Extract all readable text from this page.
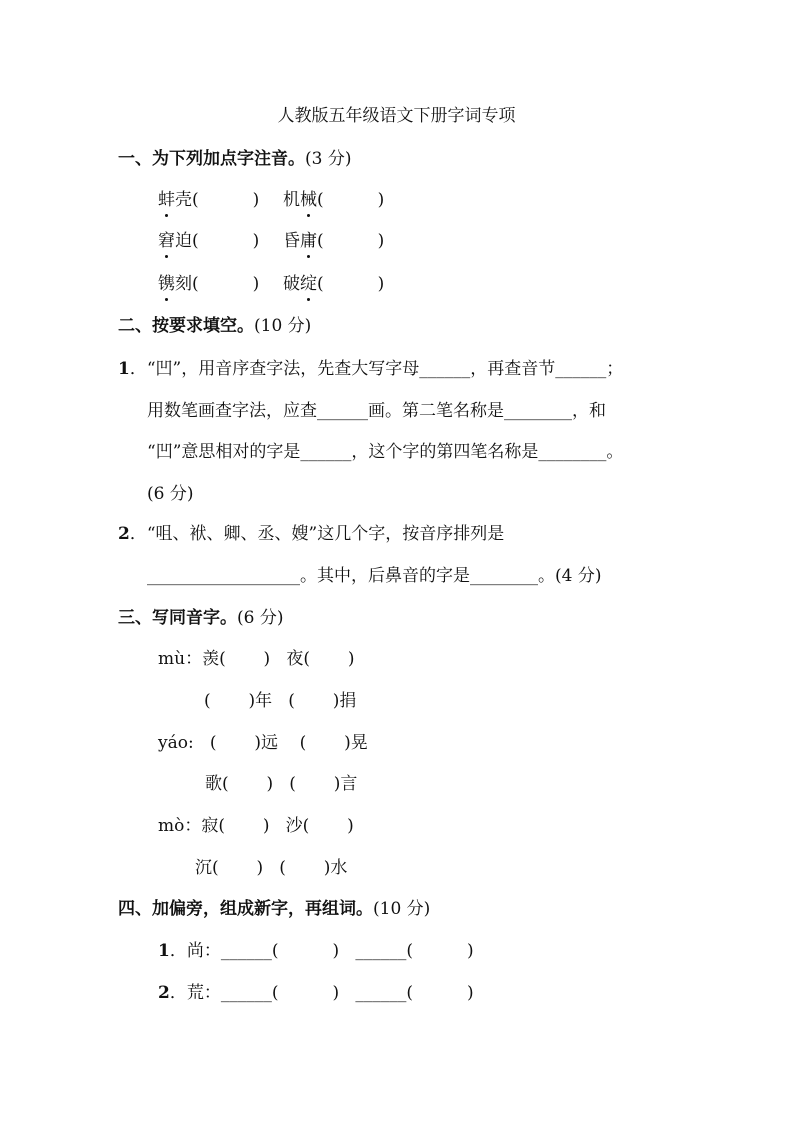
人教版五年级语文下册字词专项
一、为下列加点字注音。(3 分)
蚌壳(          ) 机械(          )
窘迫(          ) 昏庸(          )
镌刻(          ) 破绽(          )
二、按要求填空。(10 分)
1．“凹”，用音序查字法，先查大写字母______，再查音节______；
用数笔画查字法，应查______画。第二笔名称是________，和
“凹”意思相对的字是______，这个字的第四笔名称是________。
(6 分)
2．“咀、袱、卿、丞、嫂”这几个字，按音序排列是
__________________。其中，后鼻音的字是________。(4 分)
三、写同音字。(6 分)
mù：羡(       )   夜(       )
(       )年   (       )捐
yáo:   (       )远    (       )晃
歌(       )   (       )言
mò：寂(       )   沙(       )
沉(       )   (       )水
四、加偏旁，组成新字，再组词。(10 分)
1．尚：______(          )   ______(          )
2．荒：______(          )   ______(          )
